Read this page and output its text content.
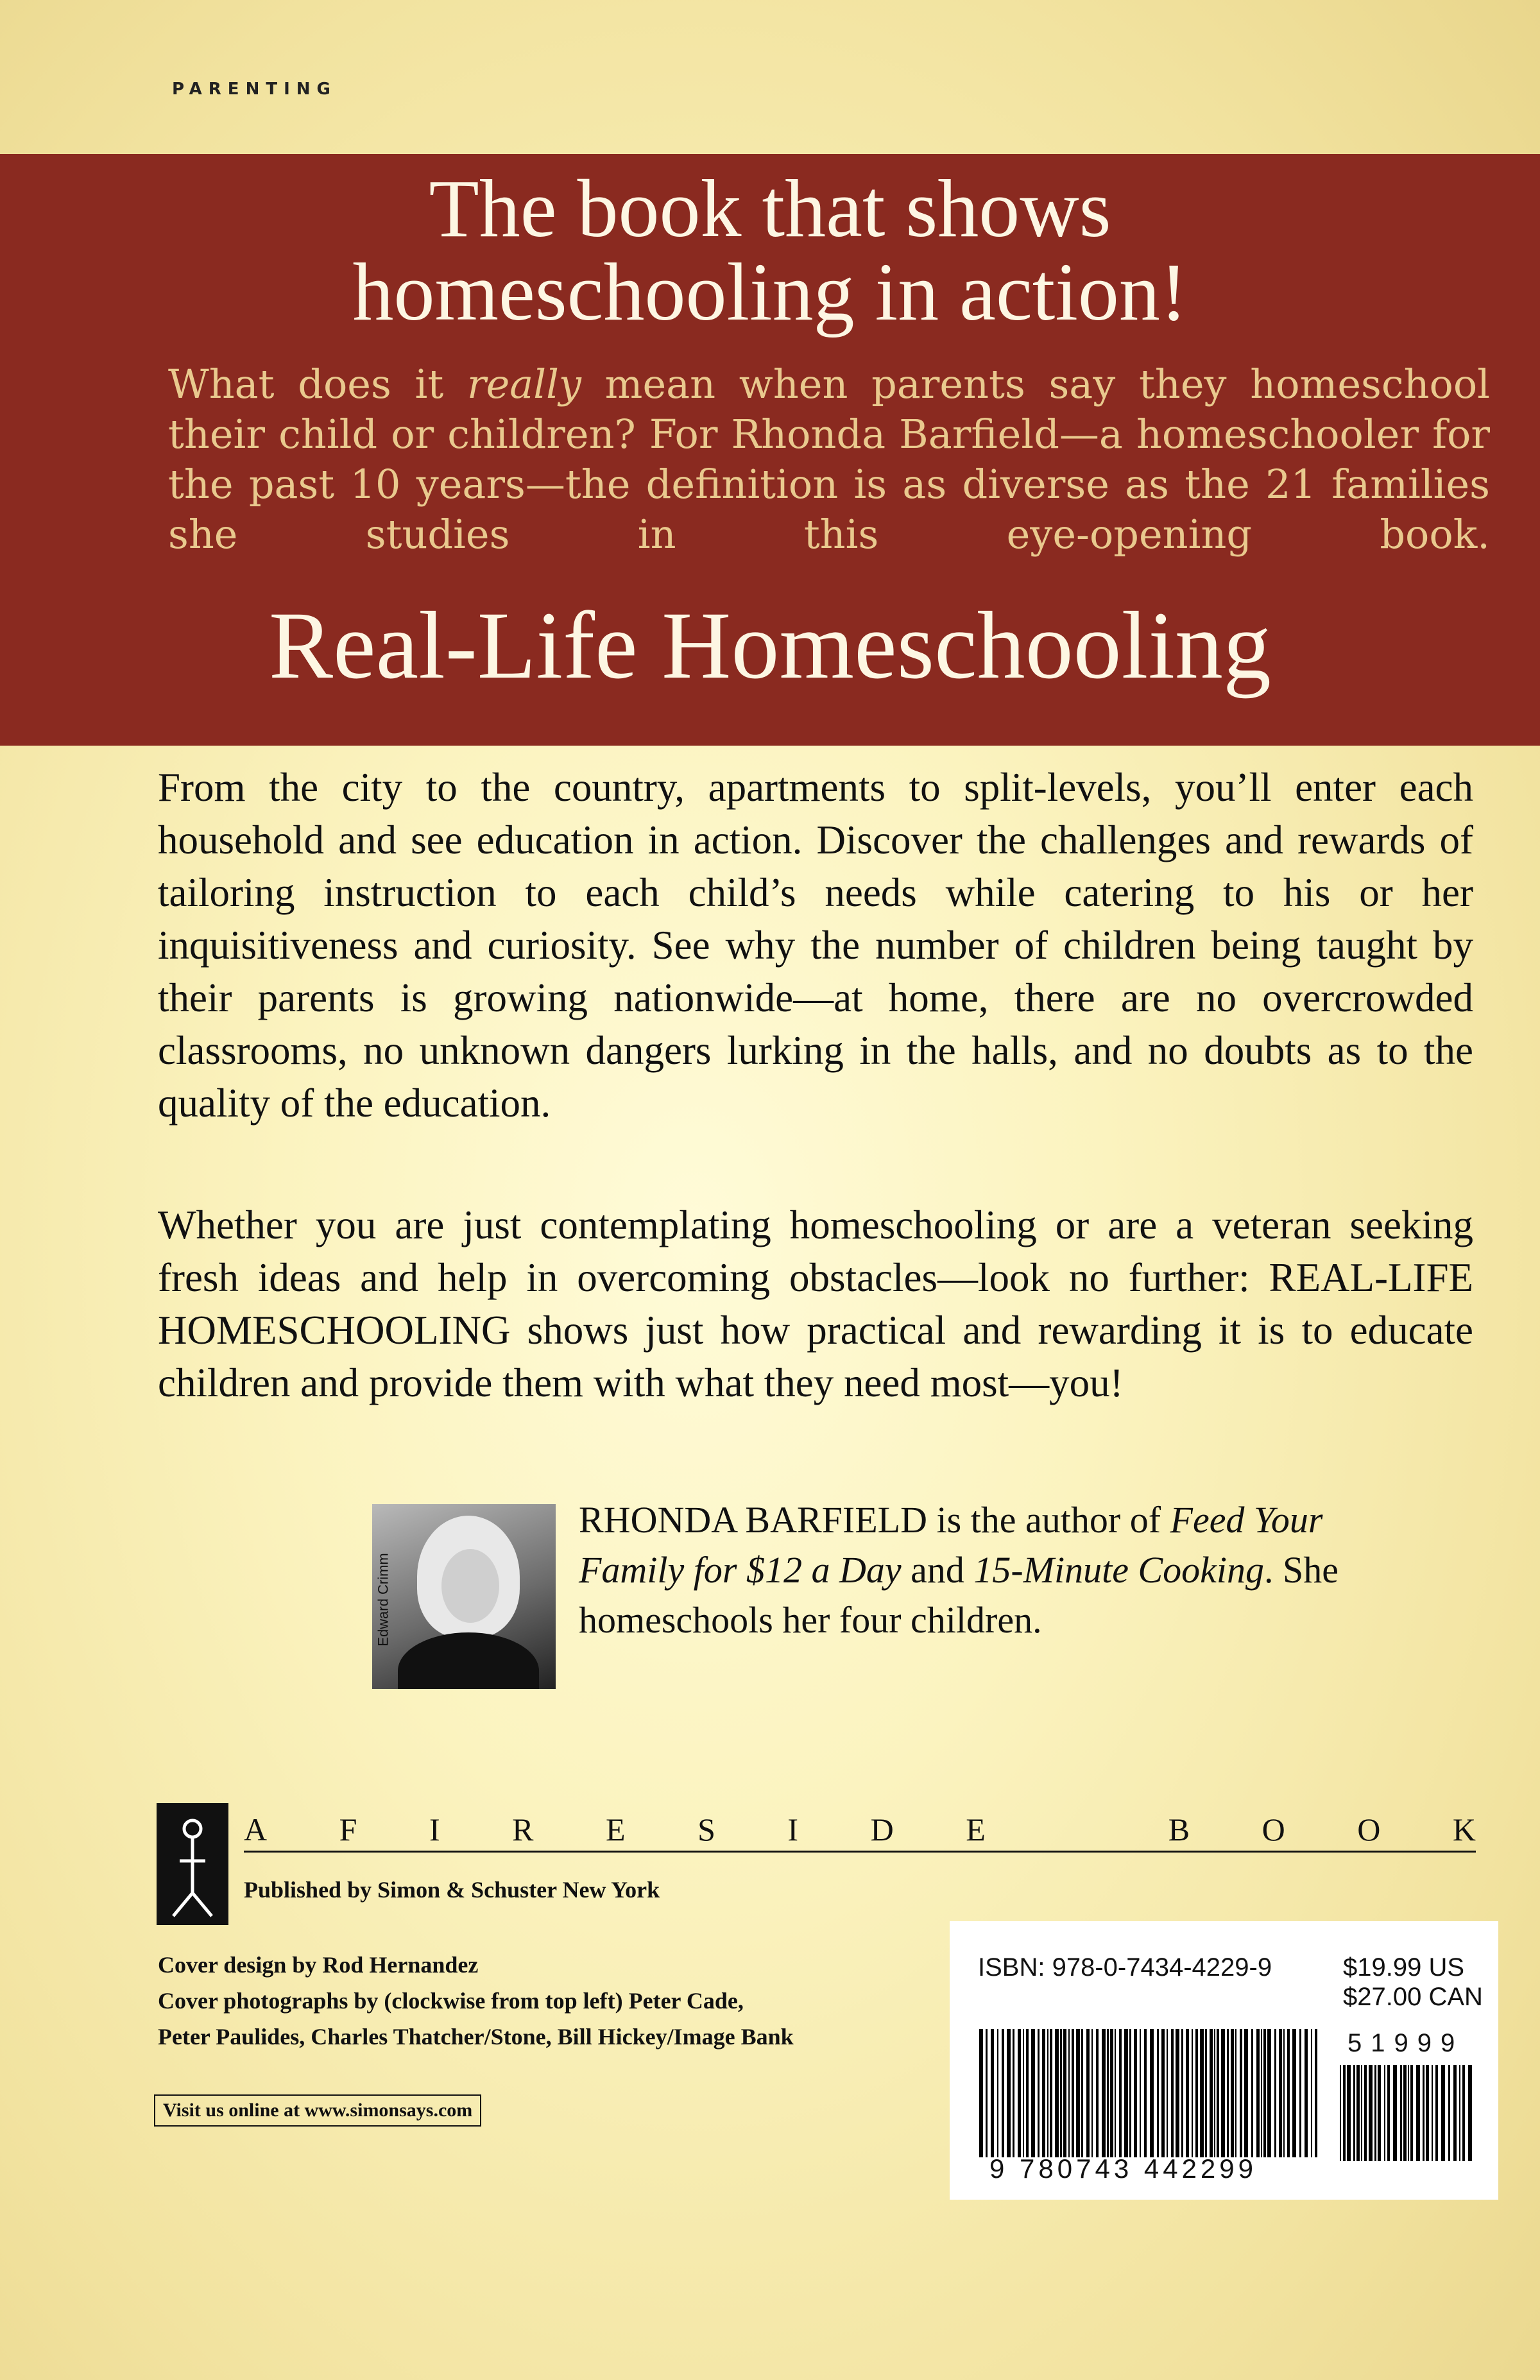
PARENTING
The book that shows
homeschooling in action!
What does it really mean when parents say they homeschool their child or children? For Rhonda Barfield—a homeschooler for the past 10 years—the definition is as diverse as the 21 families she studies in this eye-opening book.
Real-Life Homeschooling
From the city to the country, apartments to split-levels, you’ll enter each household and see education in action. Discover the challenges and rewards of tailoring instruction to each child’s needs while catering to his or her inquisitiveness and curiosity. See why the number of children being taught by their parents is growing nationwide—at home, there are no overcrowded classrooms, no unknown dangers lurking in the halls, and no doubts as to the quality of the education.
Whether you are just contemplating homeschooling or are a veteran seeking fresh ideas and help in overcoming obstacles—look no further: REAL-LIFE HOMESCHOOLING shows just how practical and rewarding it is to educate children and provide them with what they need most—you!
Edward Crimm
RHONDA BARFIELD is the author of Feed Your Family for $12 a Day and 15-Minute Cooking. She homeschools her four children.
A F I R E S I D E	B O O K
Published by Simon & Schuster New York
Cover design by Rod Hernandez
Cover photographs by (clockwise from top left) Peter Cade,
Peter Paulides, Charles Thatcher/Stone, Bill Hickey/Image Bank
Visit us online at www.simonsays.com
ISBN: 978-0-7434-4229-9	$19.99 US
$27.00 CAN
51999
9 780743 442299
